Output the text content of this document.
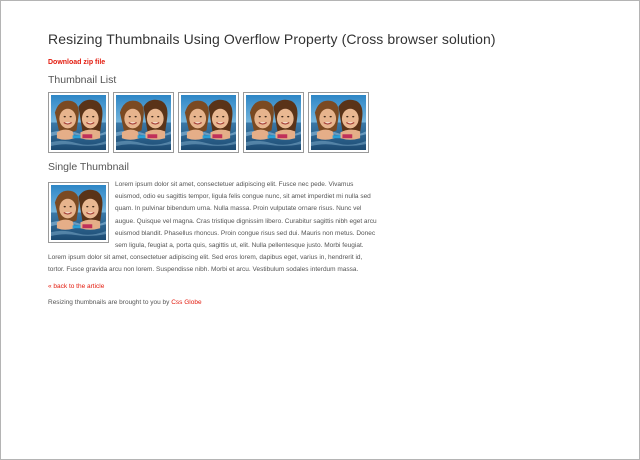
Resizing Thumbnails Using Overflow Property (Cross browser solution)
Download zip file
Thumbnail List
Single Thumbnail

Lorem ipsum dolor sit amet, consectetuer adipiscing elit. Fusce nec pede. Vivamus euismod, odio eu sagittis tempor, ligula felis congue nunc, sit amet imperdiet mi nulla sed quam. In pulvinar bibendum urna. Nulla massa. Proin vulputate ornare risus. Nunc vel augue. Quisque vel magna. Cras tristique dignissim libero. Curabitur sagittis nibh eget arcu euismod blandit. Phasellus rhoncus. Proin congue risus sed dui. Mauris non metus. Donec sem ligula, feugiat a, porta quis, sagittis ut, elit. Nulla pellentesque justo. Morbi feugiat. Lorem ipsum dolor sit amet, consectetuer adipiscing elit. Sed eros lorem, dapibus eget, varius in, hendrerit id, tortor. Fusce gravida arcu non lorem. Suspendisse nibh. Morbi et arcu. Vestibulum sodales interdum massa.

« back to the article
Resizing thumbnails are brought to you by Css Globe
